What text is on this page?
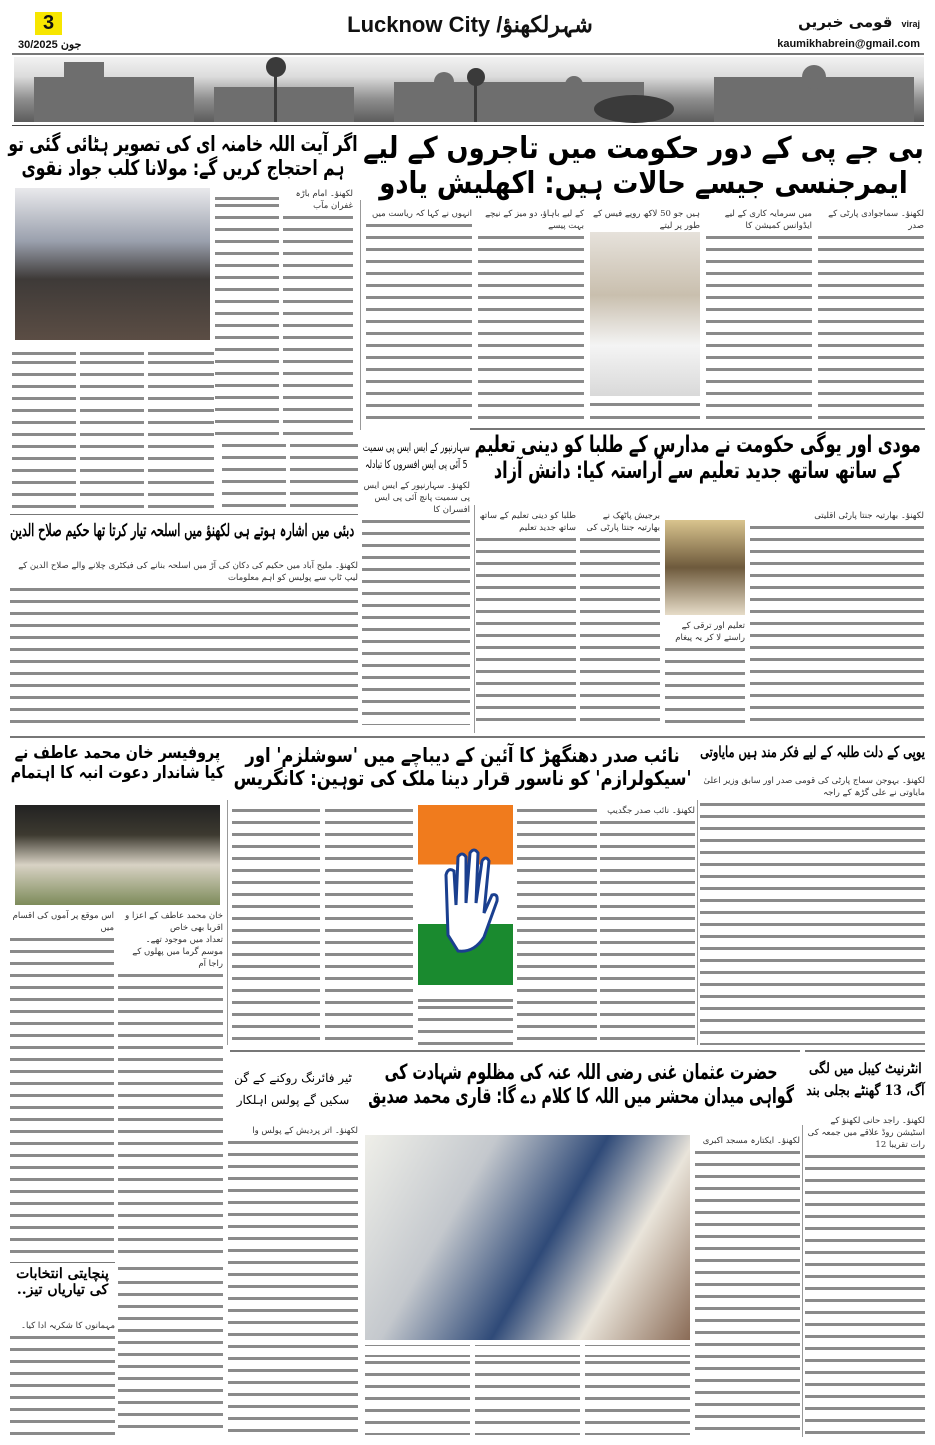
3
30/جون 2025
Lucknow City /شہرلکھنؤ	viraj قومی خبریں
kaumikhabrein@gmail.com
لکھنؤ۔ سماجوادی پارٹی کے صدر
میں سرمایہ کاری کے لیے ایڈوانس کمیشن کا
ہیں جو 50 لاکھ روپے فیس کے طور پر لیتے
کے لیے باہاؤ، دو میز کے نیچے بہت پیسے
انہوں نے کہا کہ ریاست میں
بی جے پی کے دور حکومت میں تاجروں کے لیے ایمرجنسی جیسے حالات ہیں: اکھلیش یادو
لکھنؤ۔ امام باڑہ غفران مآب
اگر آیت اللہ خامنہ ای کی تصویر ہٹائی گئی تو ہم احتجاج کریں گے: مولانا کلب جواد نقوی
لکھنؤ۔ سہارنپور کے ایس ایس پی سمیت پانچ آئی پی ایس افسران کا
سہارنپور کے ایس ایس پی سمیت 5 آئی پی ایس افسروں کا تبادلہ
لکھنؤ۔ بھارتیہ جنتا پارٹی اقلیتی
تعلیم اور ترقی کے راستے لا کر یہ پیغام
برجیش پاٹھک نے بھارتیہ جنتا پارٹی کی
طلبا کو دینی تعلیم کے ساتھ ساتھ جدید تعلیم
مودی اور یوگی حکومت نے مدارس کے طلبا کو دینی تعلیم کے ساتھ ساتھ جدید تعلیم سے آراستہ کیا: دانش آزاد
لکھنؤ۔ ملیح آباد میں حکیم کی دکان کی آڑ میں اسلحہ بنانے کی فیکٹری چلانے والے صلاح الدین کے لیپ ٹاپ سے پولیس کو اہم معلومات
دبئی میں اشارہ ہوتے ہی لکھنؤ میں اسلحہ تیار کرتا تھا حکیم صلاح الدین
لکھنؤ۔ بہوجن سماج پارٹی کی قومی صدر اور سابق وزیر اعلیٰ مایاوتی نے علی گڑھ کے راجہ
یوپی کے دلت طلبہ کے لیے فکر مند ہیں مایاوتی
لکھنؤ۔ نائب صدر جگدیپ
نائب صدر دھنگھڑ کا آئین کے دیباچے میں 'سوشلزم' اور 'سیکولرازم' کو ناسور قرار دینا ملک کی توہین: کانگریس
خان محمد عاطف کے اعزا و اقربا بھی خاص
تعداد میں موجود تھے۔
موسم گرما میں پھلوں کے راجا آم
اس موقع پر آموں کی اقسام میں
پروفیسر خان محمد عاطف نے کیا شاندار دعوت انبہ کا اہتمام
مہمانوں کا شکریہ ادا کیا۔
پنچایتی انتخابات کی تیاریاں تیز..
لکھنؤ۔ اتر پردیش کے پولس وا
ٹیر فائرنگ روکنے کے گن سکیں گے پولس اہلکار
لکھنؤ۔ ایکتارہ مسجد اکبری
حضرت عثمان غنی رضی اللہ عنہ کی مظلوم شہادت کی گواہی میدان محشر میں اللہ کا کلام دے گا: قاری محمد صدیق
لکھنؤ۔ راجد حانی لکھنؤ کے اسٹیشن روڈ علاقے میں جمعہ کی رات تقریبا 12
انٹرنیٹ کیبل میں لگی آگ، 13 گھنٹے بجلی بند
